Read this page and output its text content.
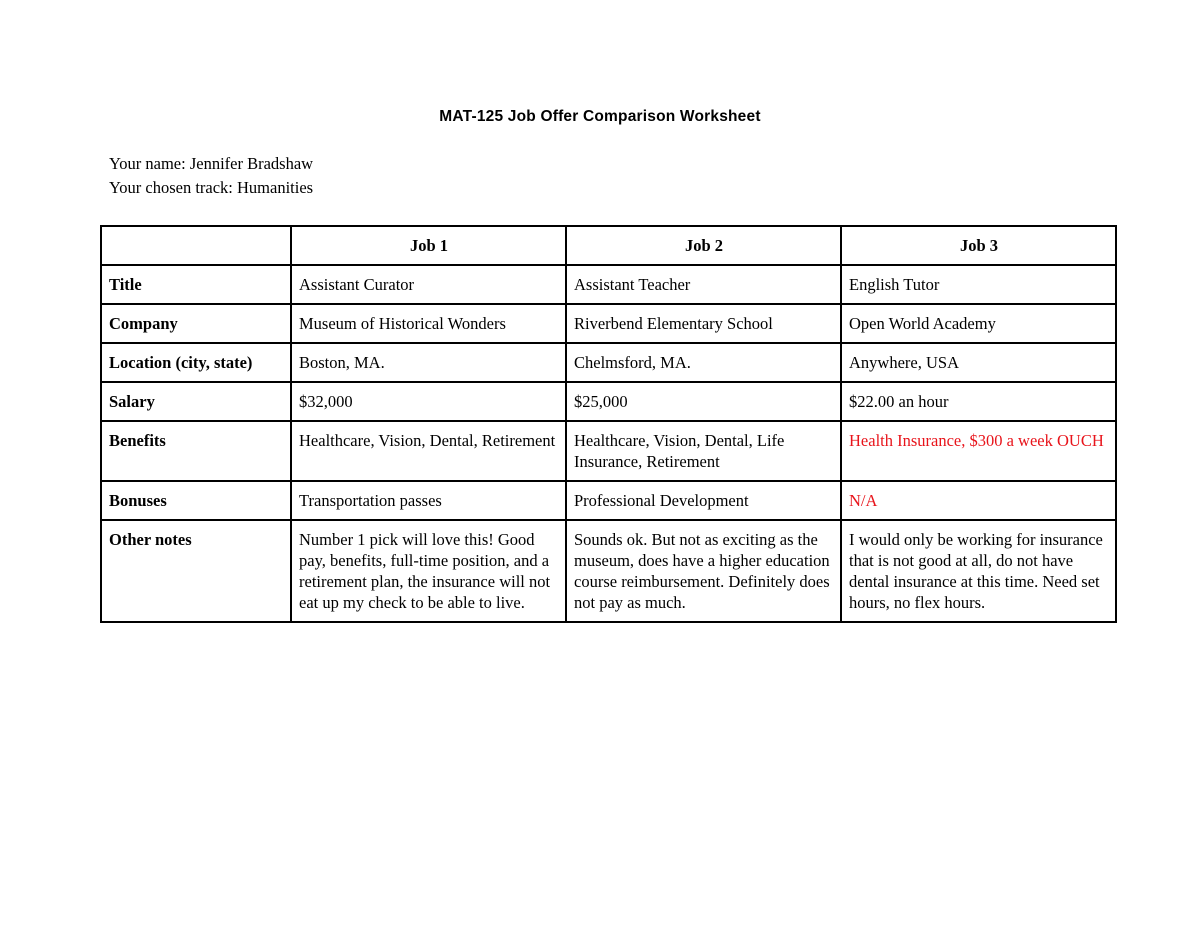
MAT-125 Job Offer Comparison Worksheet
Your name: Jennifer Bradshaw
Your chosen track: Humanities
	Job 1	Job 2	Job 3
Title	Assistant Curator	Assistant Teacher	English Tutor
Company	Museum of Historical Wonders	Riverbend Elementary School	Open World Academy
Location (city, state)	Boston, MA.	Chelmsford, MA.	Anywhere, USA
Salary	$32,000	$25,000	$22.00 an hour
Benefits	Healthcare, Vision, Dental, Retirement	Healthcare, Vision, Dental, Life Insurance, Retirement	Health Insurance, $300 a week OUCH
Bonuses	Transportation passes	Professional Development	N/A
Other notes	Number 1 pick will love this! Good pay, benefits, full-time position, and a retirement plan, the insurance will not eat up my check to be able to live.	Sounds ok. But not as exciting as the museum, does have a higher education course reimbursement. Definitely does not pay as much.	I would only be working for insurance that is not good at all, do not have dental insurance at this time. Need set hours, no flex hours.
